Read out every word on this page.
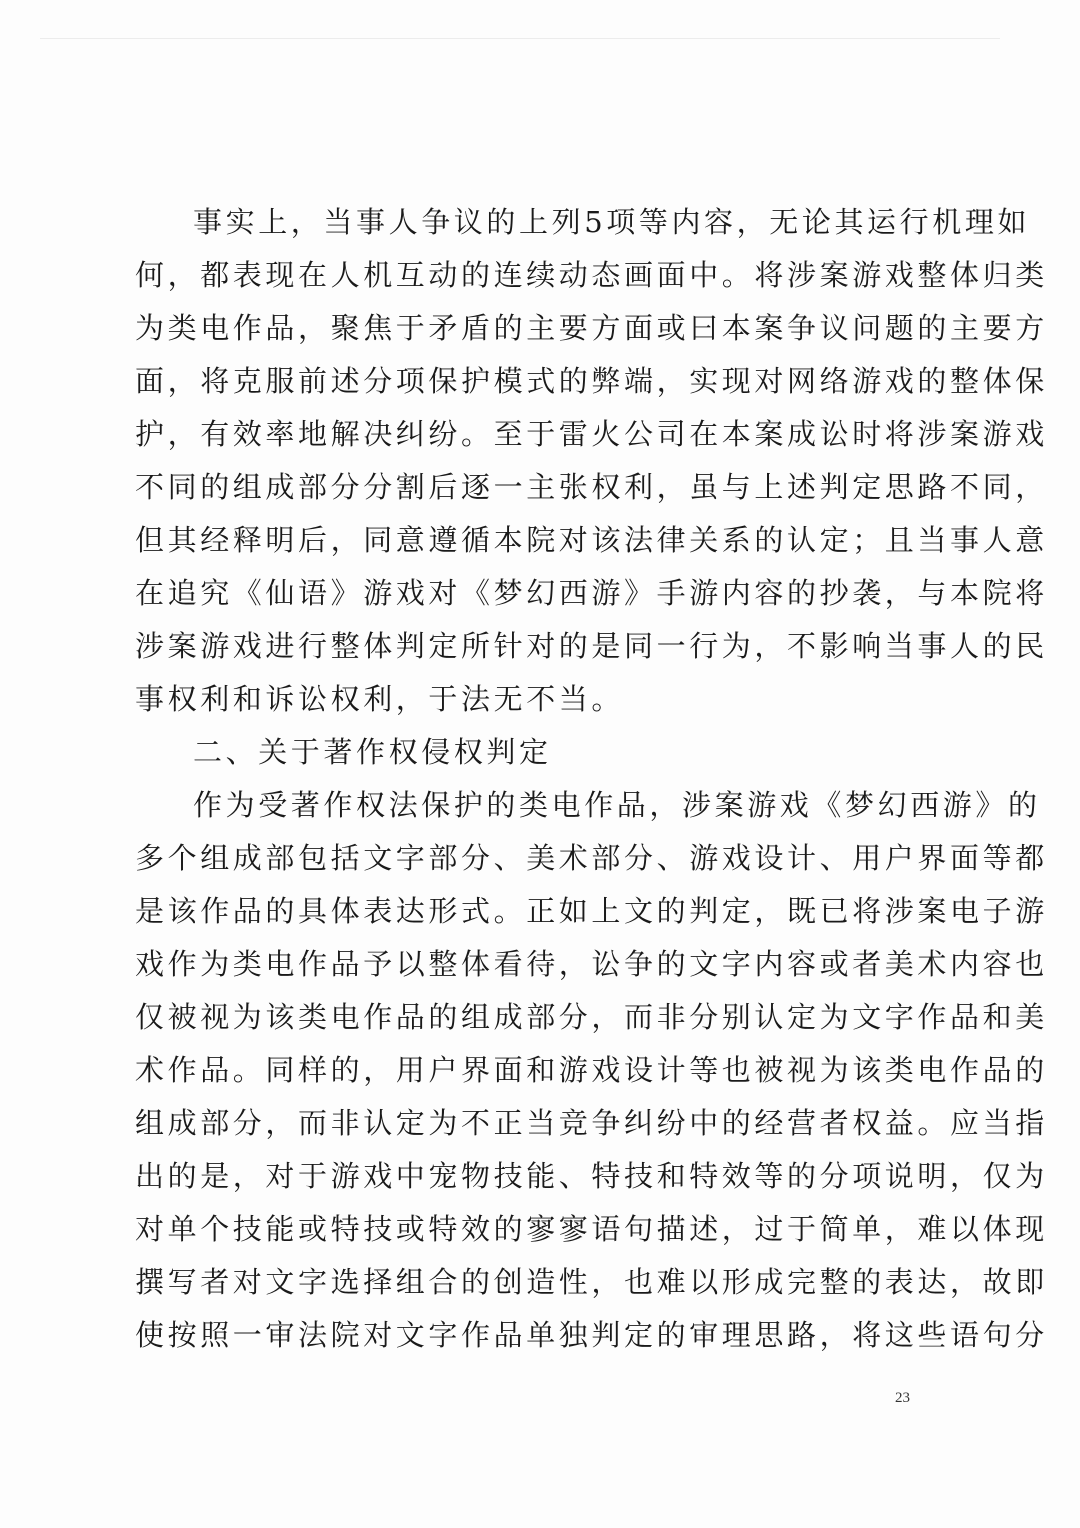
事实上，当事人争议的上列5项等内容，无论其运行机理如
何，都表现在人机互动的连续动态画面中。将涉案游戏整体归类
为类电作品，聚焦于矛盾的主要方面或曰本案争议问题的主要方
面，将克服前述分项保护模式的弊端，实现对网络游戏的整体保
护，有效率地解决纠纷。至于雷火公司在本案成讼时将涉案游戏
不同的组成部分分割后逐一主张权利，虽与上述判定思路不同，
但其经释明后，同意遵循本院对该法律关系的认定；且当事人意
在追究《仙语》游戏对《梦幻西游》手游内容的抄袭，与本院将
涉案游戏进行整体判定所针对的是同一行为，不影响当事人的民
事权利和诉讼权利，于法无不当。
二、关于著作权侵权判定
作为受著作权法保护的类电作品，涉案游戏《梦幻西游》的
多个组成部包括文字部分、美术部分、游戏设计、用户界面等都
是该作品的具体表达形式。正如上文的判定，既已将涉案电子游
戏作为类电作品予以整体看待，讼争的文字内容或者美术内容也
仅被视为该类电作品的组成部分，而非分别认定为文字作品和美
术作品。同样的，用户界面和游戏设计等也被视为该类电作品的
组成部分，而非认定为不正当竞争纠纷中的经营者权益。应当指
出的是，对于游戏中宠物技能、特技和特效等的分项说明，仅为
对单个技能或特技或特效的寥寥语句描述，过于简单，难以体现
撰写者对文字选择组合的创造性，也难以形成完整的表达，故即
使按照一审法院对文字作品单独判定的审理思路，将这些语句分
23
